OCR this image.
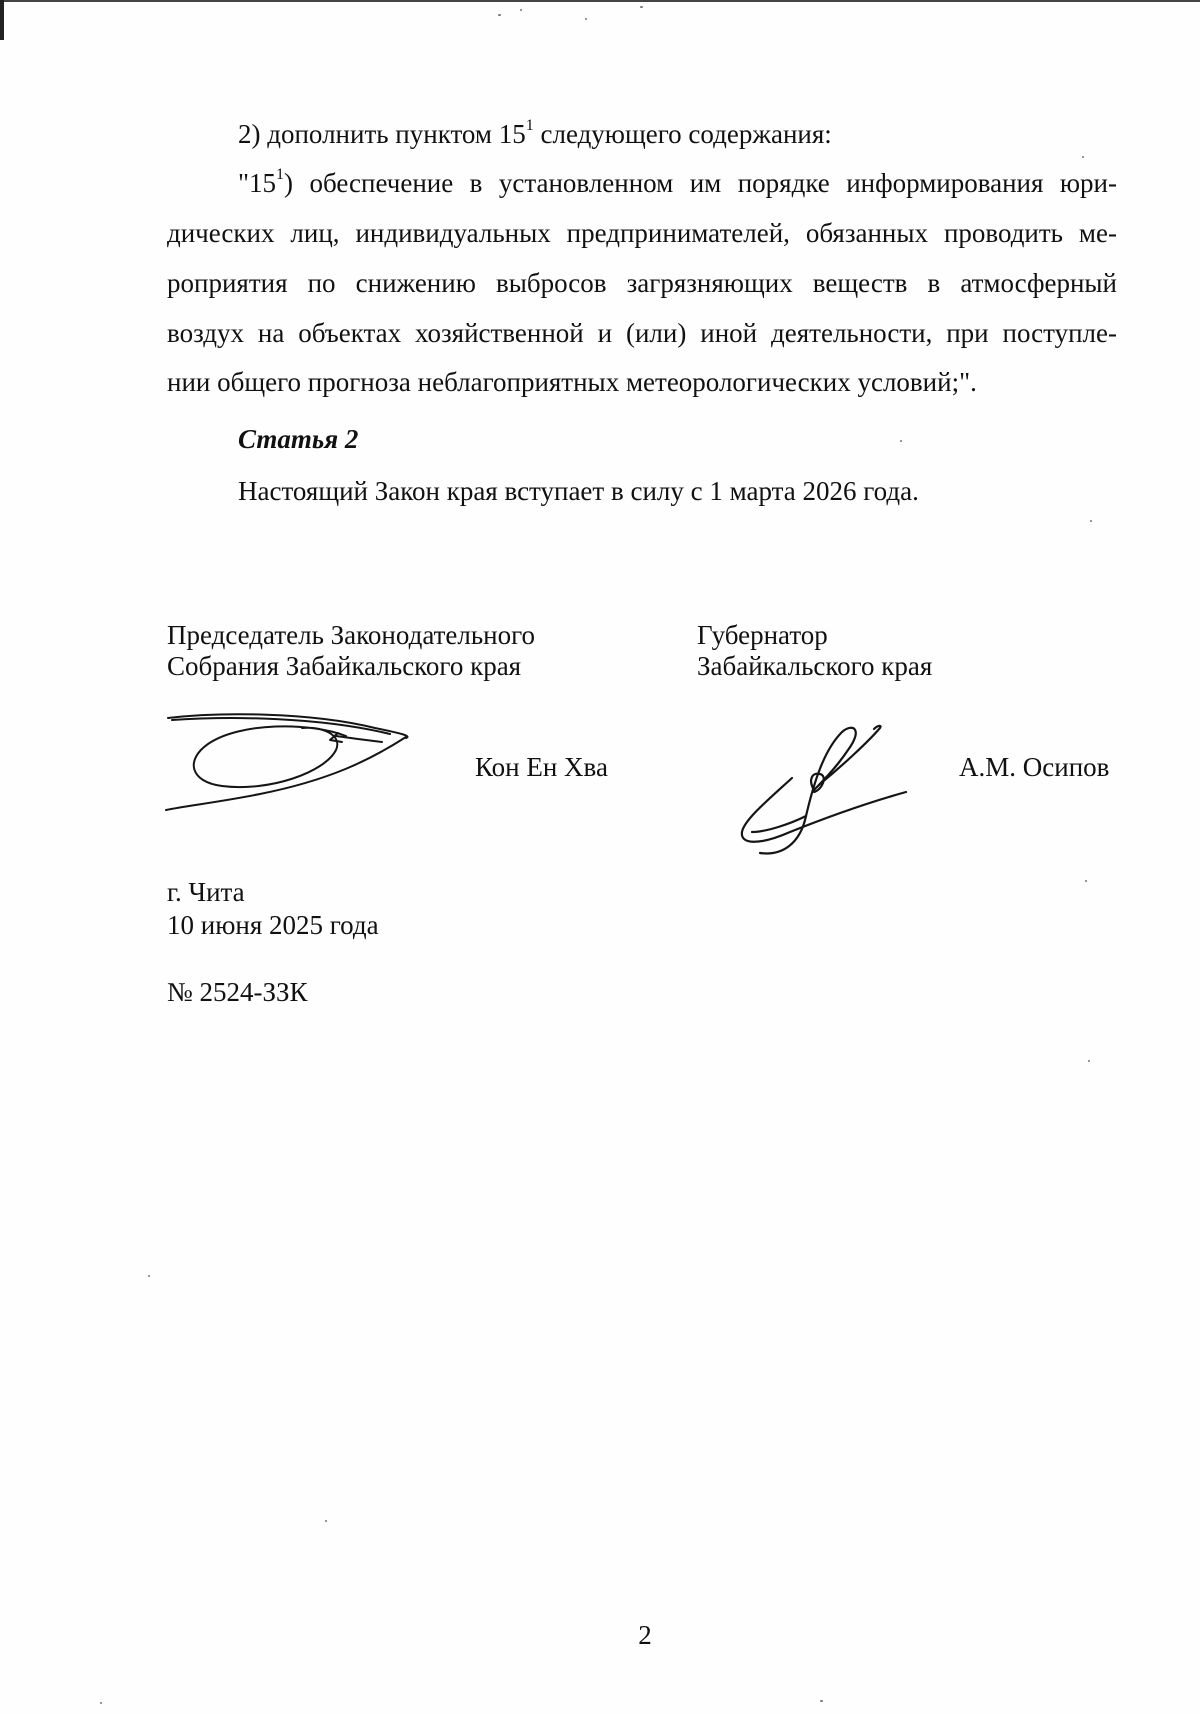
2) дополнить пунктом $15^1$ следующего содержания:
"$15^1$) обеспечение в установленном им порядке информирования юри-
дических лиц, индивидуальных предпринимателей, обязанных проводить ме-
роприятия по снижению выбросов загрязняющих веществ в атмосферный
воздух на объектах хозяйственной и (или) иной деятельности, при поступле-
нии общего прогноза неблагоприятных метеорологических условий;".
Статья 2
Настоящий Закон края вступает в силу с 1 марта 2026 года.
Председатель Законодательного
Собрания Забайкальского края
Кон Ен Хва
Губернатор
Забайкальского края
А.М. Осипов
г. Чита
10 июня 2025 года
№ 2524-ЗЗК
2
